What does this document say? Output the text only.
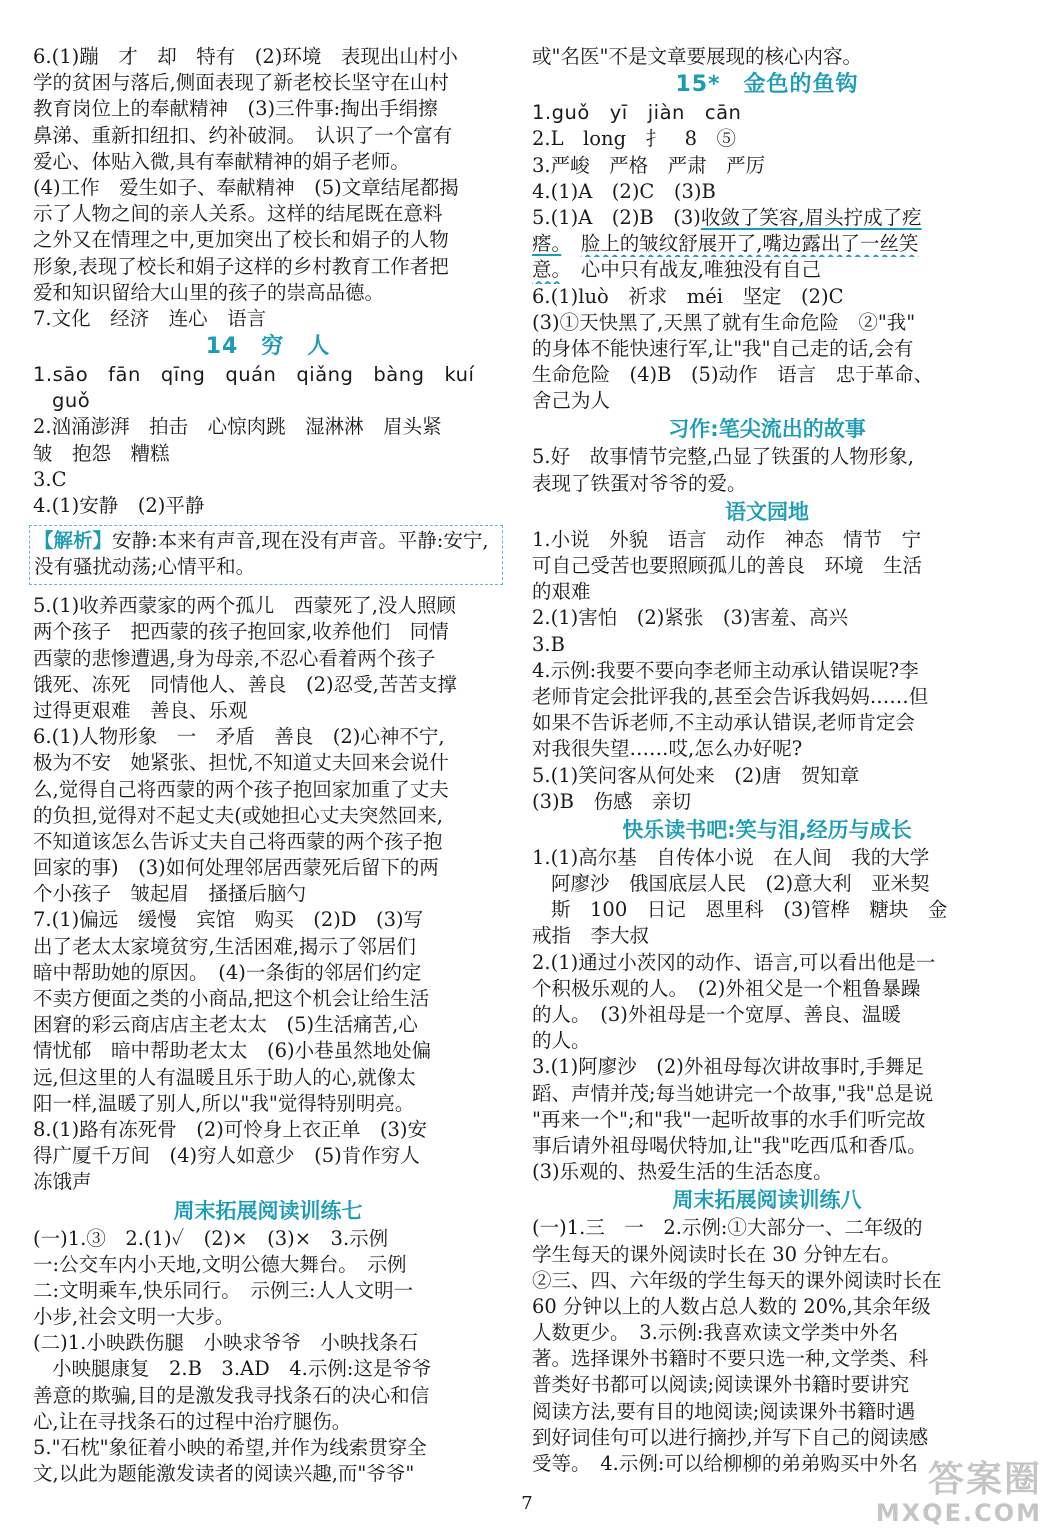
6.(1)蹦　才　却　特有　(2)环境　表现出山村小
学的贫困与落后,侧面表现了新老校长坚守在山村
教育岗位上的奉献精神　(3)三件事:掏出手绢擦
鼻涕、重新扣纽扣、约补破洞。　认识了一个富有
爱心、体贴入微,具有奉献精神的娟子老师。
(4)工作　爱生如子、奉献精神　(5)文章结尾都揭
示了人物之间的亲人关系。这样的结尾既在意料
之外又在情理之中,更加突出了校长和娟子的人物
形象,表现了校长和娟子这样的乡村教育工作者把
爱和知识留给大山里的孩子的崇高品德。
7.文化　经济　连心　语言
14　穷　人
1.sāo　fān　qīng　quán　qiǎng　bàng　kuí
guǒ
2.汹涌澎湃　拍击　心惊肉跳　湿淋淋　眉头紧
皱　抱怨　糟糕
3.C
4.(1)安静　(2)平静
【解析】安静:本来有声音,现在没有声音。平静:安宁,没有骚扰动荡;心情平和。
5.(1)收养西蒙家的两个孤儿　西蒙死了,没人照顾
两个孩子　把西蒙的孩子抱回家,收养他们　同情
西蒙的悲惨遭遇,身为母亲,不忍心看着两个孩子
饿死、冻死　同情他人、善良　(2)忍受,苦苦支撑
过得更艰难　善良、乐观
6.(1)人物形象　一　矛盾　善良　(2)心神不宁,
极为不安　她紧张、担忧,不知道丈夫回来会说什
么,觉得自己将西蒙的两个孩子抱回家加重了丈夫
的负担,觉得对不起丈夫(或她担心丈夫突然回来,
不知道该怎么告诉丈夫自己将西蒙的两个孩子抱
回家的事)　(3)如何处理邻居西蒙死后留下的两
个小孩子　皱起眉　搔搔后脑勺
7.(1)偏远　缓慢　宾馆　购买　(2)D　(3)写
出了老太太家境贫穷,生活困难,揭示了邻居们
暗中帮助她的原因。　(4)一条街的邻居们约定
不卖方便面之类的小商品,把这个机会让给生活
困窘的彩云商店店主老太太　(5)生活痛苦,心
情忧郁　暗中帮助老太太　(6)小巷虽然地处偏
远,但这里的人有温暖且乐于助人的心,就像太
阳一样,温暖了别人,所以"我"觉得特别明亮。
8.(1)路有冻死骨　(2)可怜身上衣正单　(3)安
得广厦千万间　(4)穷人如意少　(5)肯作穷人
冻饿声
周末拓展阅读训练七
(一)1.③　2.(1)✓　(2)×　(3)×　3.示例
一:公交车内小天地,文明公德大舞台。　示例
二:文明乘车,快乐同行。　示例三:人人文明一
小步,社会文明一大步。
(二)1.小映跌伤腿　小映求爷爷　小映找条石
小映腿康复　2.B　3.AD　4.示例:这是爷爷
善意的欺骗,目的是激发我寻找条石的决心和信
心,让在寻找条石的过程中治疗腿伤。
5."石枕"象征着小映的希望,并作为线索贯穿全
文,以此为题能激发读者的阅读兴趣,而"爷爷"
或"名医"不是文章要展现的核心内容。
15*　金色的鱼钩
1.guǒ　yī　jiàn　cān
2.L　long　扌　8　⑤
3.严峻　严格　严肃　严厉
4.(1)A　(2)C　(3)B
5.(1)A　(2)B　(3)收敛了笑容,眉头拧成了疙
瘩。　 脸上的皱纹舒展开了,嘴边露出了一丝笑
意。　 心中只有战友,唯独没有自己
6.(1)luò　祈求　méi　坚定　(2)C
(3)①天快黑了,天黑了就有生命危险　②"我"
的身体不能快速行军,让"我"自己走的话,会有
生命危险　(4)B　(5)动作　语言　忠于革命、
舍己为人
习作:笔尖流出的故事
5.好　故事情节完整,凸显了铁蛋的人物形象,
表现了铁蛋对爷爷的爱。
语文园地
1.小说　外貌　语言　动作　神态　情节　宁
可自己受苦也要照顾孤儿的善良　环境　生活
的艰难
2.(1)害怕　(2)紧张　(3)害羞、高兴
3.B
4.示例:我要不要向李老师主动承认错误呢?李
老师肯定会批评我的,甚至会告诉我妈妈……但
如果不告诉老师,不主动承认错误,老师肯定会
对我很失望……哎,怎么办好呢?
5.(1)笑问客从何处来　(2)唐　贺知章
(3)B　伤感　亲切
快乐读书吧:笑与泪,经历与成长
1.(1)高尔基　自传体小说　在人间　我的大学
阿廖沙　俄国底层人民　(2)意大利　亚米契
斯　100　日记　恩里科　(3)管桦　糖块　金
戒指　李大叔
2.(1)通过小茨冈的动作、语言,可以看出他是一
个积极乐观的人。　(2)外祖父是一个粗鲁暴躁
的人。　(3)外祖母是一个宽厚、善良、温暖
的人。
3.(1)阿廖沙　(2)外祖母每次讲故事时,手舞足
蹈、声情并茂;每当她讲完一个故事,"我"总是说
"再来一个";和"我"一起听故事的水手们听完故
事后请外祖母喝伏特加,让"我"吃西瓜和香瓜。
(3)乐观的、热爱生活的生活态度。
周末拓展阅读训练八
(一)1.三　一　2.示例:①大部分一、二年级的
学生每天的课外阅读时长在 30 分钟左右。
②三、四、六年级的学生每天的课外阅读时长在
60 分钟以上的人数占总人数的 20%,其余年级
人数更少。　3.示例:我喜欢读文学类中外名
著。选择课外书籍时不要只选一种,文学类、科
普类好书都可以阅读;阅读课外书籍时要讲究
阅读方法,要有目的地阅读;阅读课外书籍时遇
到好词佳句可以进行摘抄,并写下自己的阅读感
受等。　4.示例:可以给柳柳的弟弟购买中外名
7
答案圈
MXQE.COM
